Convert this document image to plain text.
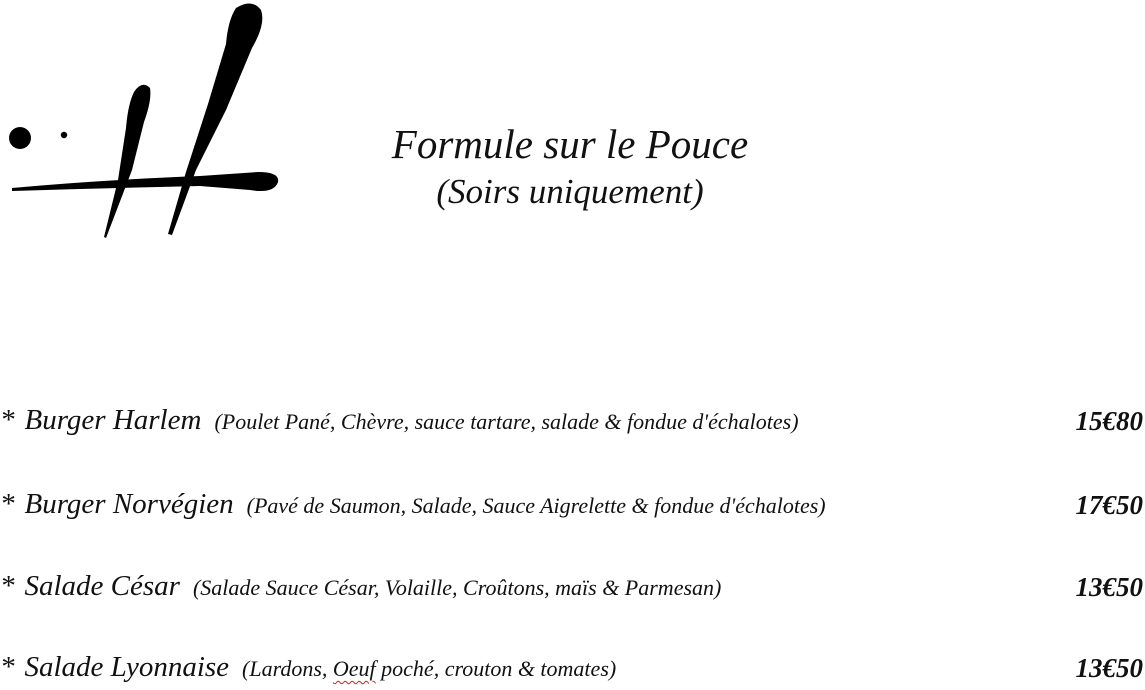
Formule sur le Pouce
(Soirs uniquement)
* Burger Harlem (Poulet Pané, Chèvre, sauce tartare, salade & fondue d'échalotes)	15€80
* Burger Norvégien (Pavé de Saumon, Salade, Sauce Aigrelette & fondue d'échalotes)	17€50
* Salade César (Salade Sauce César, Volaille, Croûtons, maïs & Parmesan)	13€50
* Salade Lyonnaise (Lardons, Oeuf poché, crouton & tomates)	13€50
